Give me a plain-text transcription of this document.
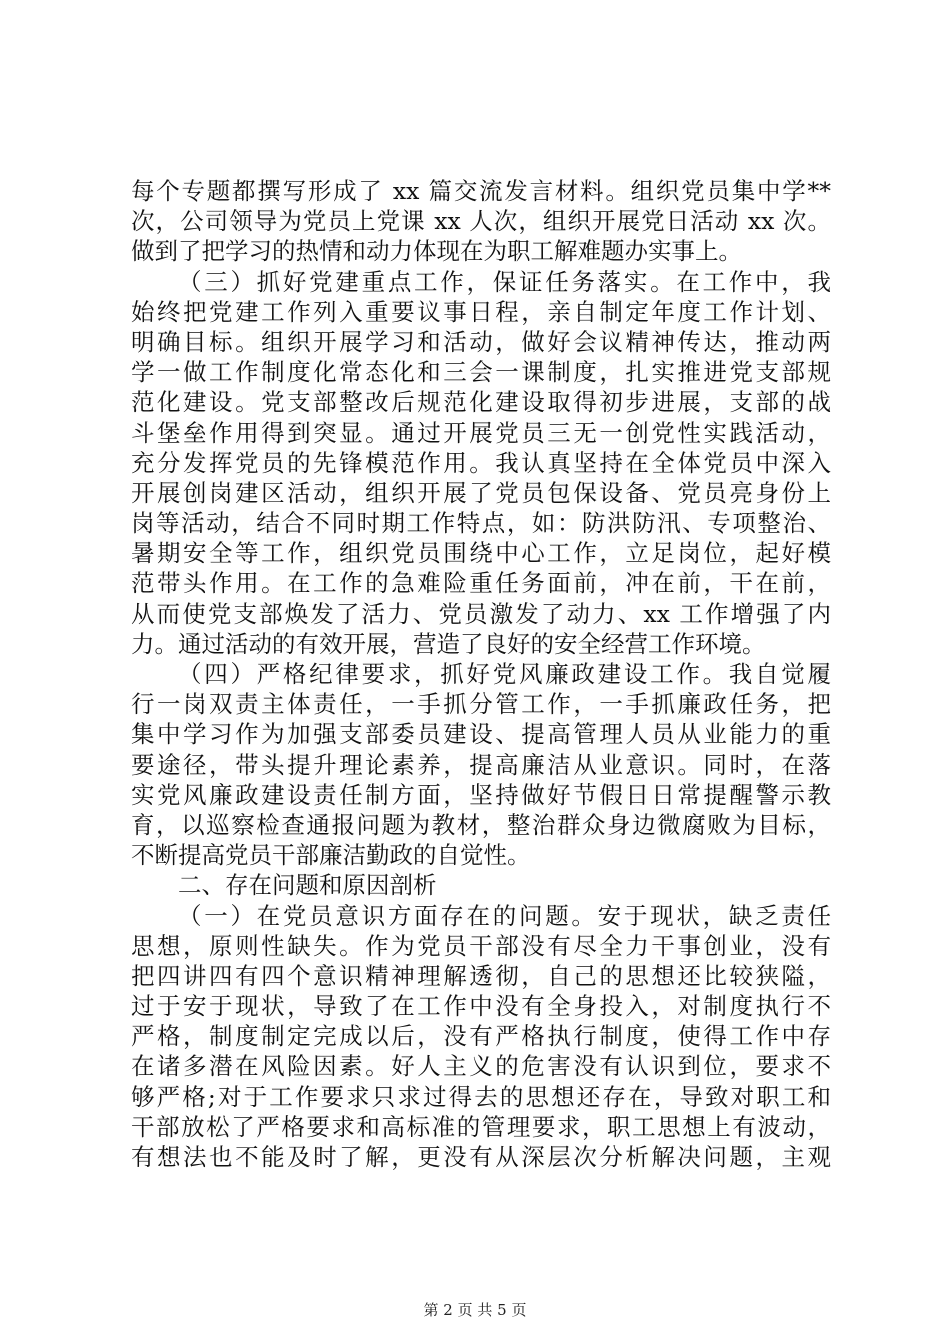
每个专题都撰写形成了 xx 篇交流发言材料。组织党员集中学**
次，公司领导为党员上党课 xx 人次，组织开展党日活动 xx 次。
做到了把学习的热情和动力体现在为职工解难题办实事上。
（三）抓好党建重点工作，保证任务落实。在工作中，我
始终把党建工作列入重要议事日程，亲自制定年度工作计划、
明确目标。组织开展学习和活动，做好会议精神传达，推动两
学一做工作制度化常态化和三会一课制度，扎实推进党支部规
范化建设。党支部整改后规范化建设取得初步进展，支部的战
斗堡垒作用得到突显。通过开展党员三无一创党性实践活动，
充分发挥党员的先锋模范作用。我认真坚持在全体党员中深入
开展创岗建区活动，组织开展了党员包保设备、党员亮身份上
岗等活动，结合不同时期工作特点，如：防洪防汛、专项整治、
暑期安全等工作，组织党员围绕中心工作，立足岗位，起好模
范带头作用。在工作的急难险重任务面前，冲在前，干在前，
从而使党支部焕发了活力、党员激发了动力、xx 工作增强了内
力。通过活动的有效开展，营造了良好的安全经营工作环境。
（四）严格纪律要求，抓好党风廉政建设工作。我自觉履
行一岗双责主体责任，一手抓分管工作，一手抓廉政任务，把
集中学习作为加强支部委员建设、提高管理人员从业能力的重
要途径，带头提升理论素养，提高廉洁从业意识。同时，在落
实党风廉政建设责任制方面，坚持做好节假日日常提醒警示教
育，以巡察检查通报问题为教材，整治群众身边微腐败为目标，
不断提高党员干部廉洁勤政的自觉性。
二、存在问题和原因剖析
（一）在党员意识方面存在的问题。安于现状，缺乏责任
思想，原则性缺失。作为党员干部没有尽全力干事创业，没有
把四讲四有四个意识精神理解透彻，自己的思想还比较狭隘，
过于安于现状，导致了在工作中没有全身投入，对制度执行不
严格，制度制定完成以后，没有严格执行制度，使得工作中存
在诸多潜在风险因素。好人主义的危害没有认识到位，要求不
够严格;对于工作要求只求过得去的思想还存在，导致对职工和
干部放松了严格要求和高标准的管理要求，职工思想上有波动，
有想法也不能及时了解，更没有从深层次分析解决问题，主观
第 2 页 共 5 页
